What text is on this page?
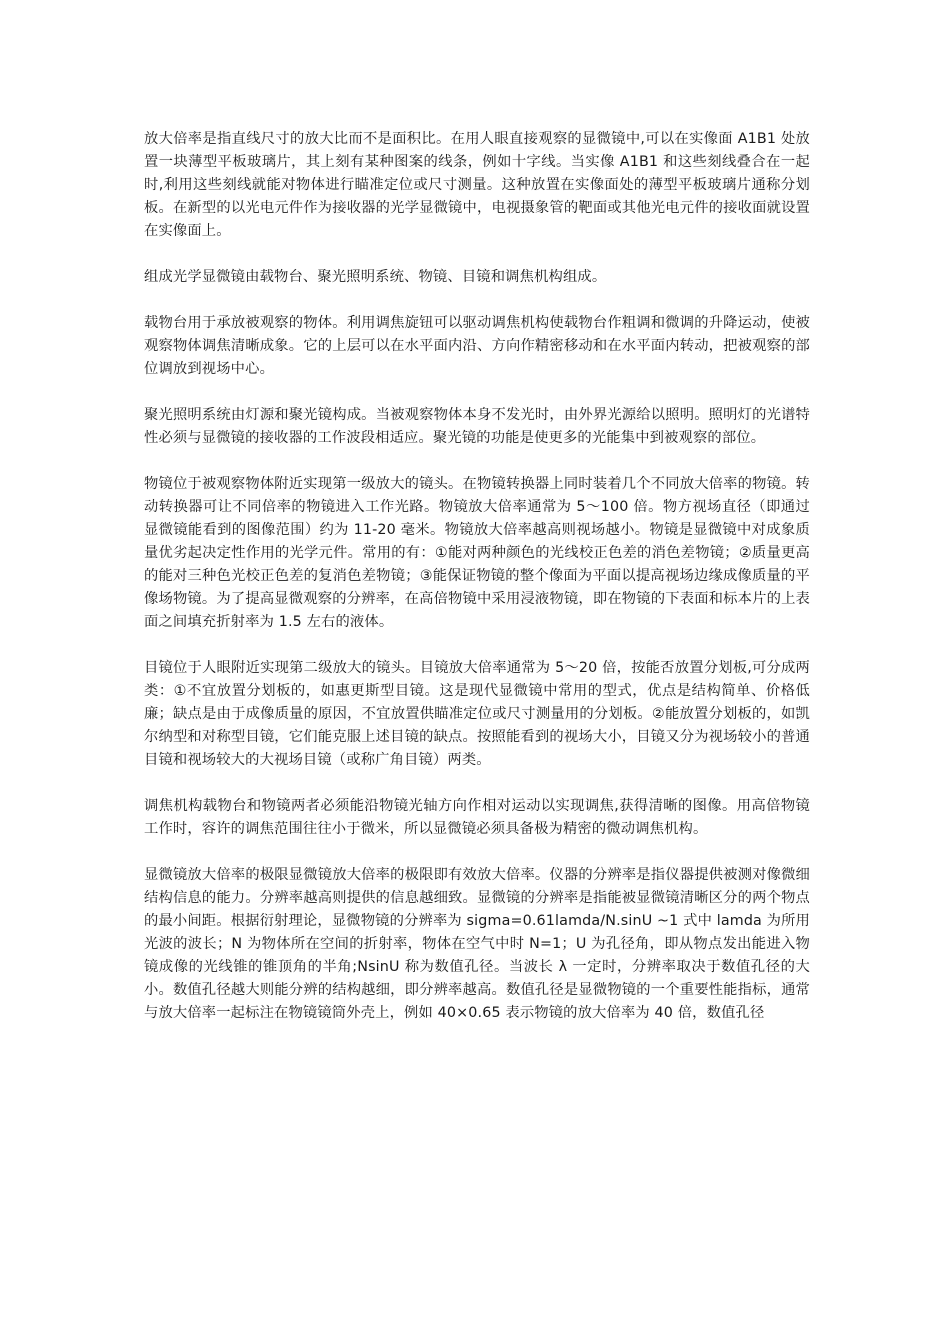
放大倍率是指直线尺寸的放大比而不是面积比。在用人眼直接观察的显微镜中,可以在实像面 A1B1 处放置一块薄型平板玻璃片，其上刻有某种图案的线条，例如十字线。当实像 A1B1 和这些刻线叠合在一起时,利用这些刻线就能对物体进行瞄准定位或尺寸测量。这种放置在实像面处的薄型平板玻璃片通称分划板。在新型的以光电元件作为接收器的光学显微镜中，电视摄象管的靶面或其他光电元件的接收面就设置在实像面上。

组成光学显微镜由载物台、聚光照明系统、物镜、目镜和调焦机构组成。

载物台用于承放被观察的物体。利用调焦旋钮可以驱动调焦机构使载物台作粗调和微调的升降运动，使被观察物体调焦清晰成象。它的上层可以在水平面内沿、方向作精密移动和在水平面内转动，把被观察的部位调放到视场中心。

聚光照明系统由灯源和聚光镜构成。当被观察物体本身不发光时，由外界光源给以照明。照明灯的光谱特性必须与显微镜的接收器的工作波段相适应。聚光镜的功能是使更多的光能集中到被观察的部位。

物镜位于被观察物体附近实现第一级放大的镜头。在物镜转换器上同时装着几个不同放大倍率的物镜。转动转换器可让不同倍率的物镜进入工作光路。物镜放大倍率通常为 5～100 倍。物方视场直径（即通过显微镜能看到的图像范围）约为 11-20 毫米。物镜放大倍率越高则视场越小。物镜是显微镜中对成象质量优劣起决定性作用的光学元件。常用的有：①能对两种颜色的光线校正色差的消色差物镜；②质量更高的能对三种色光校正色差的复消色差物镜；③能保证物镜的整个像面为平面以提高视场边缘成像质量的平像场物镜。为了提高显微观察的分辨率，在高倍物镜中采用浸液物镜，即在物镜的下表面和标本片的上表面之间填充折射率为 1.5 左右的液体。

目镜位于人眼附近实现第二级放大的镜头。目镜放大倍率通常为 5～20 倍，按能否放置分划板,可分成两类：①不宜放置分划板的，如惠更斯型目镜。这是现代显微镜中常用的型式，优点是结构简单、价格低廉；缺点是由于成像质量的原因，不宜放置供瞄准定位或尺寸测量用的分划板。②能放置分划板的，如凯尔纳型和对称型目镜，它们能克服上述目镜的缺点。按照能看到的视场大小，目镜又分为视场较小的普通目镜和视场较大的大视场目镜（或称广角目镜）两类。

调焦机构载物台和物镜两者必须能沿物镜光轴方向作相对运动以实现调焦,获得清晰的图像。用高倍物镜工作时，容许的调焦范围往往小于微米，所以显微镜必须具备极为精密的微动调焦机构。

显微镜放大倍率的极限显微镜放大倍率的极限即有效放大倍率。仪器的分辨率是指仪器提供被测对像微细结构信息的能力。分辨率越高则提供的信息越细致。显微镜的分辨率是指能被显微镜清晰区分的两个物点的最小间距。根据衍射理论，显微物镜的分辨率为 sigma=0.61lamda/N.sinU ~1 式中 lamda 为所用光波的波长；N 为物体所在空间的折射率，物体在空气中时 N=1；U 为孔径角，即从物点发出能进入物镜成像的光线锥的锥顶角的半角;NsinU 称为数值孔径。当波长 λ 一定时，分辨率取决于数值孔径的大小。数值孔径越大则能分辨的结构越细，即分辨率越高。数值孔径是显微物镜的一个重要性能指标，通常与放大倍率一起标注在物镜镜筒外壳上，例如 40×0.65 表示物镜的放大倍率为 40 倍，数值孔径
